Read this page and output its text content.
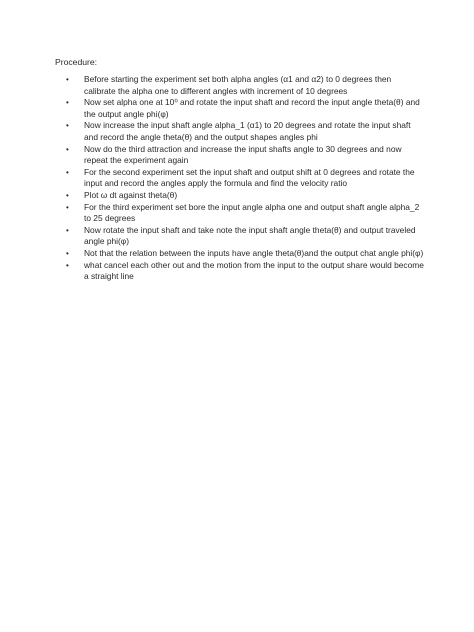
Procedure:
• Before starting the experiment set both alpha angles (α1 and α2) to 0 degrees then calibrate the alpha one to different angles with increment of 10 degrees
• Now set alpha one at 10⁰ and rotate the input shaft and record the input angle theta(θ) and the output angle phi(φ)
• Now increase the input shaft angle alpha_1 (α1) to 20 degrees and rotate the input shaft and record the angle theta(θ) and the output shapes angles phi
• Now do the third attraction and increase the input shafts angle to 30 degrees and now repeat the experiment again
• For the second experiment set the input shaft and output shift at 0 degrees and rotate the input and record the angles apply the formula and find the velocity ratio
• Plot ω dt against theta(θ)
• For the third experiment set bore the input angle alpha one and output shaft angle alpha_2 to 25 degrees
• Now rotate the input shaft and take note the input shaft angle theta(θ) and output traveled angle phi(φ)
• Not that the relation between the inputs have angle theta(θ)and the output chat angle phi(φ)
• what cancel each other out and the motion from the input to the output share would become a straight line
